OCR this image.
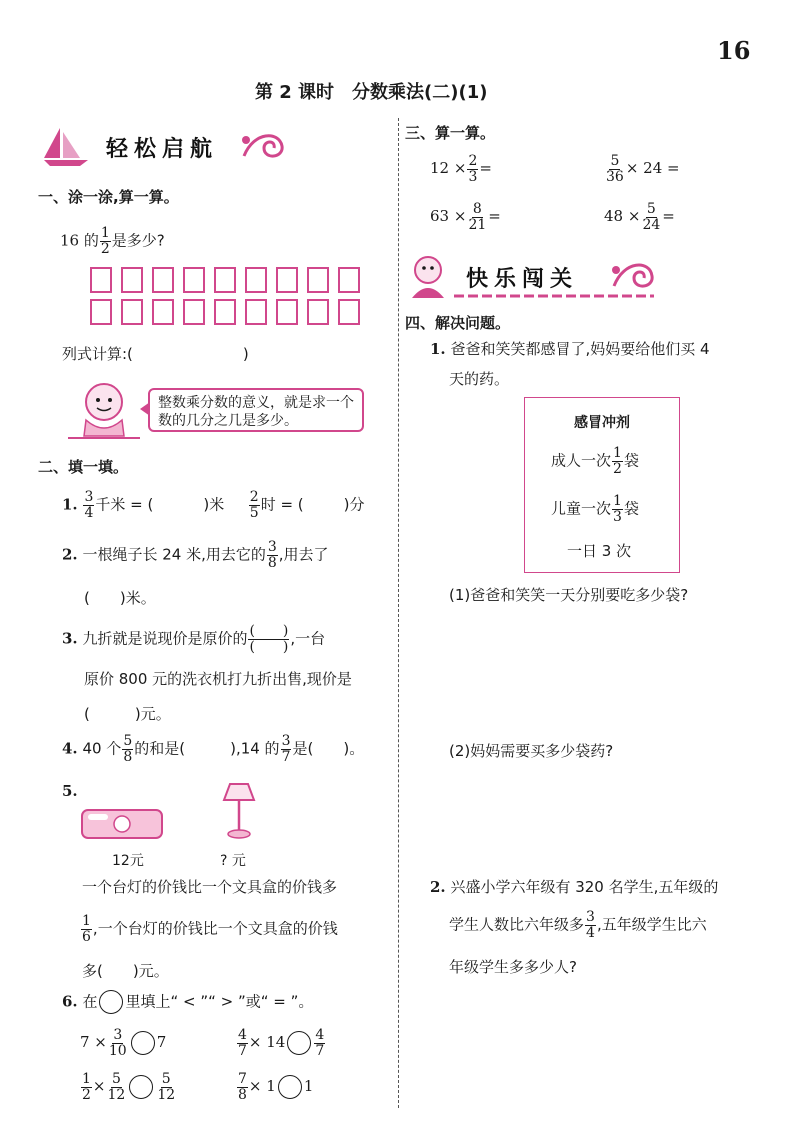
16
第 2 课时　分数乘法(二)(1)
轻松启航
一、涂一涂,算一算。
16 的 $\frac{1}{2}$ 是多少?
列式计算:(	)
整数乘分数的意义，就是求一个数的几分之几是多少。
二、填一填。
1. $\frac{3}{4}$ 千米 = (	)米 $\frac{2}{5}$ 时 = (	)分
2. 一根绳子长 24 米,用去它的 $\frac{3}{8}$ ,用去了
(　　)米。
3. 九折就是说现价是原价的 $\frac{( )}{( )}$ ,一台
原价 800 元的洗衣机打九折出售,现价是
(　　　)元。
4. 40 个 $\frac{5}{8}$ 的和是(　　　),14 的 $\frac{3}{7}$ 是(　　)。
5.
12元	? 元
一个台灯的价钱比一个文具盒的价钱多
$\frac{1}{6}$ ,一个台灯的价钱比一个文具盒的价钱
多(　　)元。
6. 在 里填上“ < ”“ > ”或“ = ”。
$7 \times \frac{3}{10} 7$	$\frac{4}{7} \times 14 \frac{4}{7}$
$\frac{1}{2} \times \frac{5}{12} \frac{5}{12}$	$\frac{7}{8} \times 1$ 1
三、算一算。
$12 \times \frac{2}{3}$ =	$\frac{5}{36} \times 24$ =
$63 \times \frac{8}{21}$ =	$48 \times \frac{5}{24}$ =
快乐闯关
四、解决问题。
1. 爸爸和笑笑都感冒了,妈妈要给他们买 4
天的药。
感冒冲剂
成人一次 $\frac{1}{2}$ 袋
儿童一次 $\frac{1}{3}$ 袋
一日 3 次
(1)爸爸和笑笑一天分别要吃多少袋?
(2)妈妈需要买多少袋药?
2. 兴盛小学六年级有 320 名学生,五年级的
学生人数比六年级多 $\frac{3}{4}$ ,五年级学生比六
年级学生多多少人?
